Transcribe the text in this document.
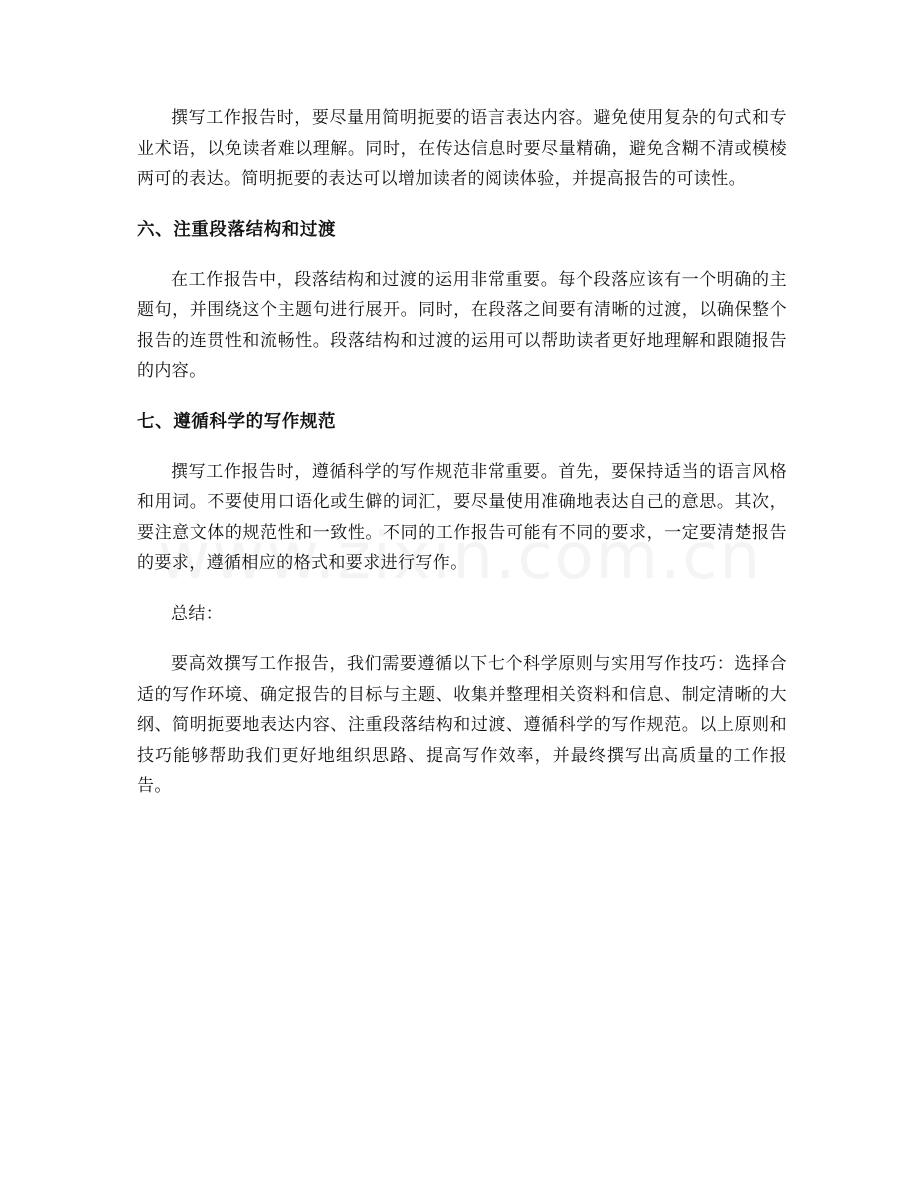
撰写工作报告时，要尽量用简明扼要的语言表达内容。避免使用复杂的句式和专业术语，以免读者难以理解。同时，在传达信息时要尽量精确，避免含糊不清或模棱两可的表达。简明扼要的表达可以增加读者的阅读体验，并提高报告的可读性。

六、注重段落结构和过渡

在工作报告中，段落结构和过渡的运用非常重要。每个段落应该有一个明确的主题句，并围绕这个主题句进行展开。同时，在段落之间要有清晰的过渡，以确保整个报告的连贯性和流畅性。段落结构和过渡的运用可以帮助读者更好地理解和跟随报告的内容。

七、遵循科学的写作规范

撰写工作报告时，遵循科学的写作规范非常重要。首先，要保持适当的语言风格和用词。不要使用口语化或生僻的词汇，要尽量使用准确地表达自己的意思。其次，要注意文体的规范性和一致性。不同的工作报告可能有不同的要求，一定要清楚报告的要求，遵循相应的格式和要求进行写作。

总结：

要高效撰写工作报告，我们需要遵循以下七个科学原则与实用写作技巧：选择合适的写作环境、确定报告的目标与主题、收集并整理相关资料和信息、制定清晰的大纲、简明扼要地表达内容、注重段落结构和过渡、遵循科学的写作规范。以上原则和技巧能够帮助我们更好地组织思路、提高写作效率，并最终撰写出高质量的工作报告。
